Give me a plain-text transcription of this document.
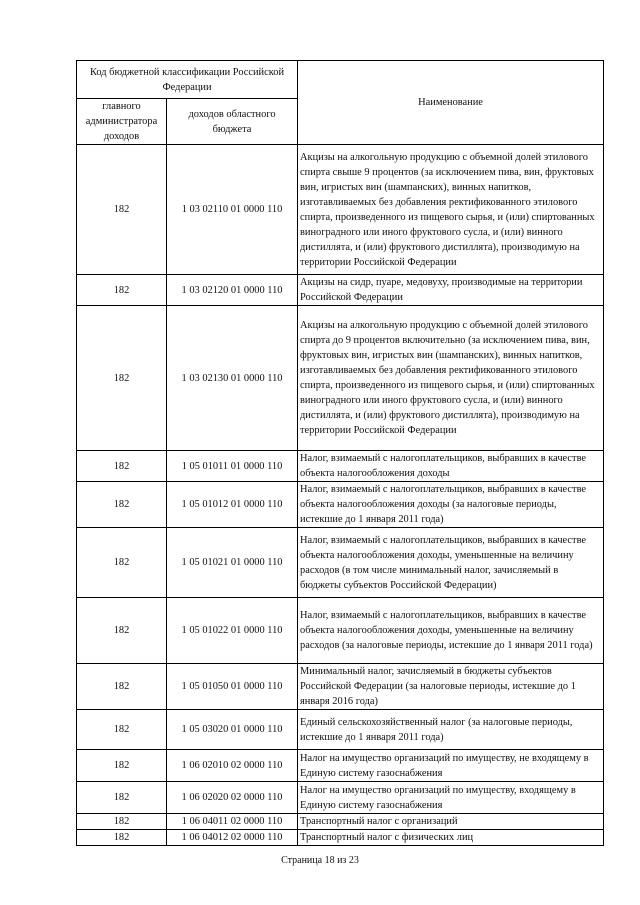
Код бюджетной классификации Российской Федерации		Наименование
главного администратора доходов	доходов областного бюджета	
182	1 03 02110 01 0000 110	Акцизы на алкогольную продукцию с объемной долей этилового спирта свыше 9 процентов (за исключением пива, вин, фруктовых вин, игристых вин (шампанских), винных напитков, изготавливаемых без добавления ректификованного этилового спирта, произведенного из пищевого сырья, и (или) спиртованных виноградного или иного фруктового сусла, и (или) винного дистиллята, и (или) фруктового дистиллята), производимую на территории Российской Федерации
182	1 03 02120 01 0000 110	Акцизы на сидр, пуаре, медовуху, производимые на территории Российской Федерации
182	1 03 02130 01 0000 110	Акцизы на алкогольную продукцию с объемной долей этилового спирта до 9 процентов включительно (за исключением пива, вин, фруктовых вин, игристых вин (шампанских), винных напитков, изготавливаемых без добавления ректификованного этилового спирта, произведенного из пищевого сырья, и (или) спиртованных виноградного или иного фруктового сусла, и (или) винного дистиллята, и (или) фруктового дистиллята), производимую на территории Российской Федерации
182	1 05 01011 01 0000 110	Налог, взимаемый с налогоплательщиков, выбравших в качестве объекта налогообложения доходы
182	1 05 01012 01 0000 110	Налог, взимаемый с налогоплательщиков, выбравших в качестве объекта налогообложения доходы (за налоговые периоды, истекшие до 1 января 2011 года)
182	1 05 01021 01 0000 110	Налог, взимаемый с налогоплательщиков, выбравших в качестве объекта налогообложения доходы, уменьшенные на величину расходов (в том числе минимальный налог, зачисляемый в бюджеты субъектов Российской Федерации)
182	1 05 01022 01 0000 110	Налог, взимаемый с налогоплательщиков, выбравших в качестве объекта налогообложения доходы, уменьшенные на величину расходов (за налоговые периоды, истекшие до 1 января 2011 года)
182	1 05 01050 01 0000 110	Минимальный налог, зачисляемый в бюджеты субъектов Российской Федерации (за налоговые периоды, истекшие до 1 января 2016 года)
182	1 05 03020 01 0000 110	Единый сельскохозяйственный налог (за налоговые периоды, истекшие до 1 января 2011 года)
182	1 06 02010 02 0000 110	Налог на имущество организаций по имуществу, не входящему в Единую систему газоснабжения
182	1 06 02020 02 0000 110	Налог на имущество организаций по имуществу, входящему в Единую систему газоснабжения
182	1 06 04011 02 0000 110	Транспортный налог с организаций
182	1 06 04012 02 0000 110	Транспортный налог с физических лиц
Страница 18 из 23
